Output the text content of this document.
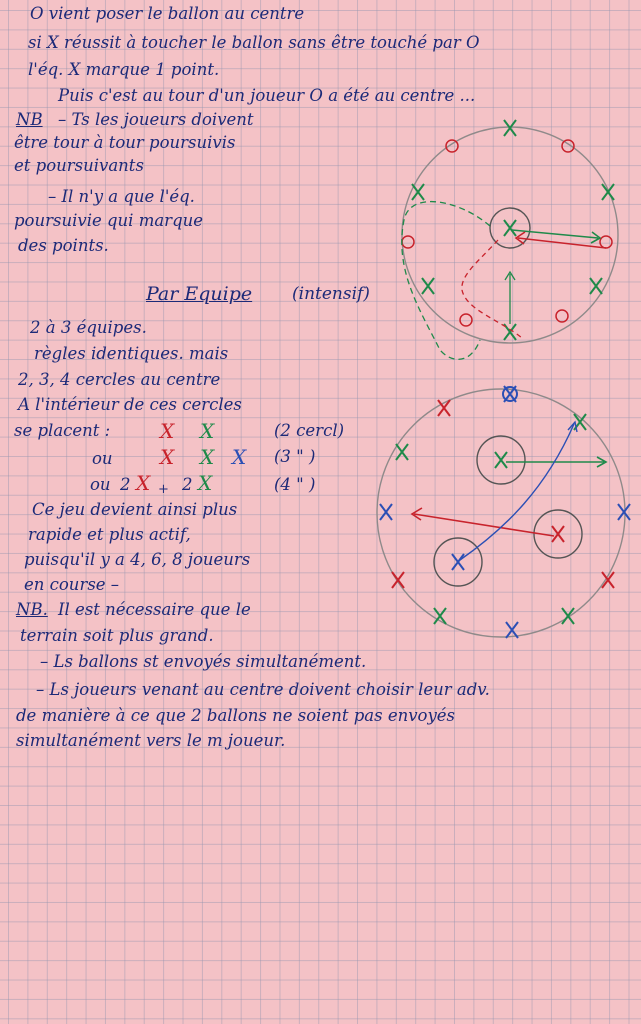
O vient poser le ballon au centre
si X réussit à toucher le ballon sans être touché par O
l'éq. X marque 1 point.
Puis c'est au tour d'un joueur O a été au centre ...
NB – Ts les joueurs doivent
être tour à tour poursuivis
et poursuivants
– Il n'y a que l'éq.
poursuivie qui marque
des points.
Par Equipe (intensif)
2 à 3 équipes.
règles identiques. mais
2, 3, 4 cercles au centre
A l'intérieur de ces cercles
se placent : X X	(2 cercl)
ou X X X (3 " )
ou 2 X + 2 X	(4 " )
Ce jeu devient ainsi plus
rapide et plus actif,
puisqu'il y a 4, 6, 8 joueurs
en course –
NB. Il est nécessaire que le
terrain soit plus grand.
– Ls ballons st envoyés simultanément.
– Ls joueurs venant au centre doivent choisir leur adv.
de manière à ce que 2 ballons ne soient pas envoyés
simultanément vers le m joueur.
